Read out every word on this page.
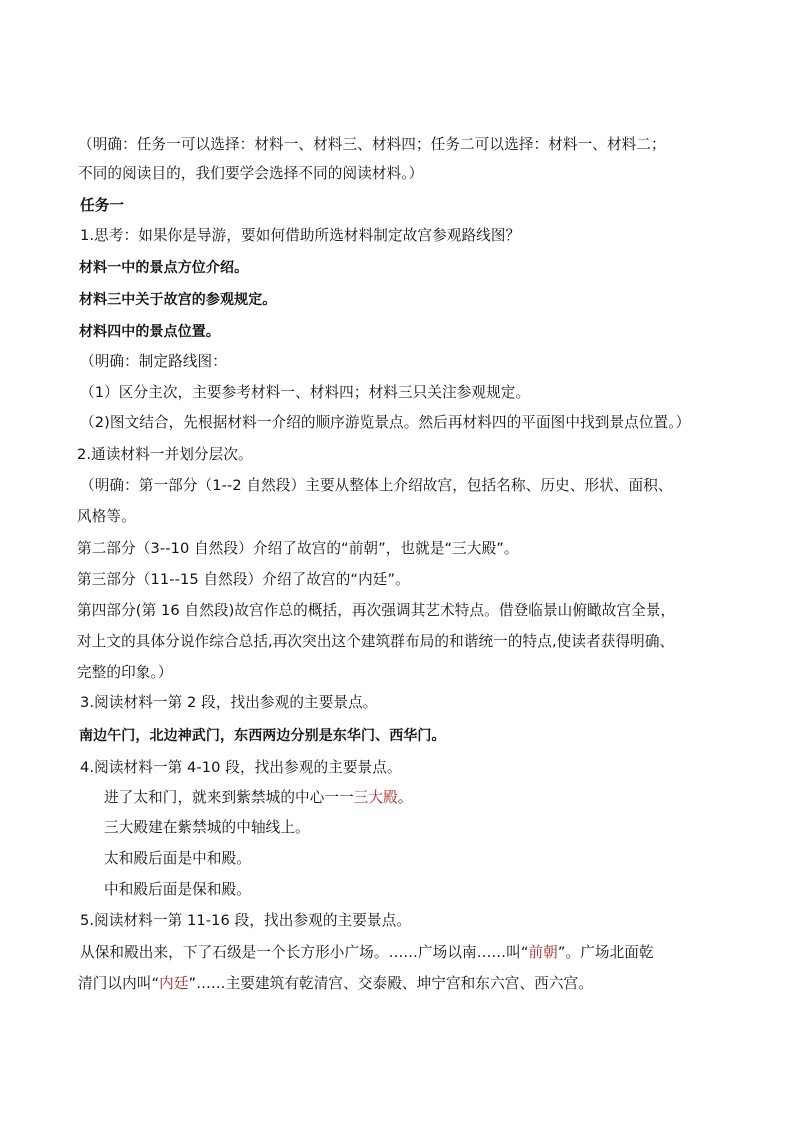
（明确：任务一可以选择：材料一、材料三、材料四；任务二可以选择：材料一、材料二；
不同的阅读目的，我们要学会选择不同的阅读材料。）
任务一
1.思考：如果你是导游，要如何借助所选材料制定故宫参观路线图？
材料一中的景点方位介绍。
材料三中关于故宫的参观规定。
材料四中的景点位置。
（明确：制定路线图：
（1）区分主次，主要参考材料一、材料四；材料三只关注参观规定。
（2)图文结合，先根据材料一介绍的顺序游览景点。然后再材料四的平面图中找到景点位置。）
2.通读材料一并划分层次。
（明确：第一部分（1--2 自然段）主要从整体上介绍故宫，包括名称、历史、形状、面积、
风格等。
第二部分（3--10 自然段）介绍了故宫的“前朝”，也就是“三大殿”。
第三部分（11--15 自然段）介绍了故宫的“内廷”。
第四部分(第 16 自然段)故宫作总的概括，再次强调其艺术特点。借登临景山俯瞰故宫全景，
对上文的具体分说作综合总括,再次突出这个建筑群布局的和谐统一的特点,使读者获得明确、
完整的印象。）
3.阅读材料一第 2 段，找出参观的主要景点。
南边午门，北边神武门，东西两边分别是东华门、西华门。
4.阅读材料一第 4-10 段，找出参观的主要景点。
进了太和门，就来到紫禁城的中心一一三大殿。
三大殿建在紫禁城的中轴线上。
太和殿后面是中和殿。
中和殿后面是保和殿。
5.阅读材料一第 11-16 段，找出参观的主要景点。
从保和殿出来，下了石级是一个长方形小广场。……广场以南……叫“前朝”。广场北面乾
清门以内叫“内廷”……主要建筑有乾清宫、交泰殿、坤宁宫和东六宫、西六宫。
